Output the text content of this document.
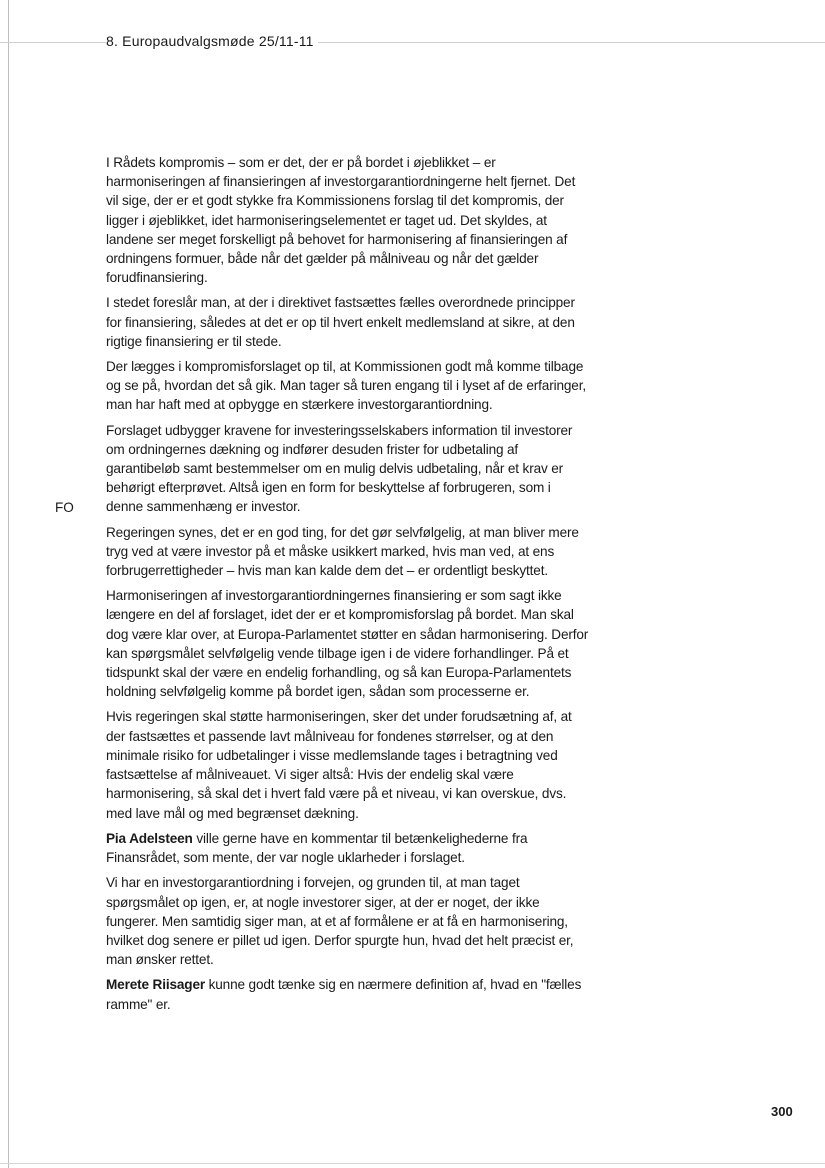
8. Europaudvalgsmøde 25/11-11
FO

I Rådets kompromis – som er det, der er på bordet i øjeblikket – er harmoniseringen af finansieringen af investorgarantiordningerne helt fjernet. Det vil sige, der er et godt stykke fra Kommissionens forslag til det kompromis, der ligger i øjeblikket, idet harmoniseringselementet er taget ud. Det skyldes, at landene ser meget forskelligt på behovet for harmonisering af finansieringen af ordningens formuer, både når det gælder på målniveau og når det gælder forudfinansiering.

I stedet foreslår man, at der i direktivet fastsættes fælles overordnede principper for finansiering, således at det er op til hvert enkelt medlemsland at sikre, at den rigtige finansiering er til stede.

Der lægges i kompromisforslaget op til, at Kommissionen godt må komme tilbage og se på, hvordan det så gik. Man tager så turen engang til i lyset af de erfaringer, man har haft med at opbygge en stærkere investorgarantiordning.

Forslaget udbygger kravene for investeringsselskabers information til investorer om ordningernes dækning og indfører desuden frister for udbetaling af garantibeløb samt bestemmelser om en mulig delvis udbetaling, når et krav er behørigt efterprøvet. Altså igen en form for beskyttelse af forbrugeren, som i denne sammenhæng er investor.

Regeringen synes, det er en god ting, for det gør selvfølgelig, at man bliver mere tryg ved at være investor på et måske usikkert marked, hvis man ved, at ens forbrugerrettigheder – hvis man kan kalde dem det – er ordentligt beskyttet.

Harmoniseringen af investorgarantiordningernes finansiering er som sagt ikke længere en del af forslaget, idet der er et kompromisforslag på bordet. Man skal dog være klar over, at Europa-Parlamentet støtter en sådan harmonisering. Derfor kan spørgsmålet selvfølgelig vende tilbage igen i de videre forhandlinger. På et tidspunkt skal der være en endelig forhandling, og så kan Europa-Parlamentets holdning selvfølgelig komme på bordet igen, sådan som processerne er.

Hvis regeringen skal støtte harmoniseringen, sker det under forudsætning af, at der fastsættes et passende lavt målniveau for fondenes størrelser, og at den minimale risiko for udbetalinger i visse medlemslande tages i betragtning ved fastsættelse af målniveauet. Vi siger altså: Hvis der endelig skal være harmonisering, så skal det i hvert fald være på et niveau, vi kan overskue, dvs. med lave mål og med begrænset dækning.

Pia Adelsteen ville gerne have en kommentar til betænkelighederne fra Finansrådet, som mente, der var nogle uklarheder i forslaget.

Vi har en investorgarantiordning i forvejen, og grunden til, at man taget spørgsmålet op igen, er, at nogle investorer siger, at der er noget, der ikke fungerer. Men samtidig siger man, at et af formålene er at få en harmonisering, hvilket dog senere er pillet ud igen. Derfor spurgte hun, hvad det helt præcist er, man ønsker rettet.

Merete Riisager kunne godt tænke sig en nærmere definition af, hvad en "fælles ramme" er.

300
